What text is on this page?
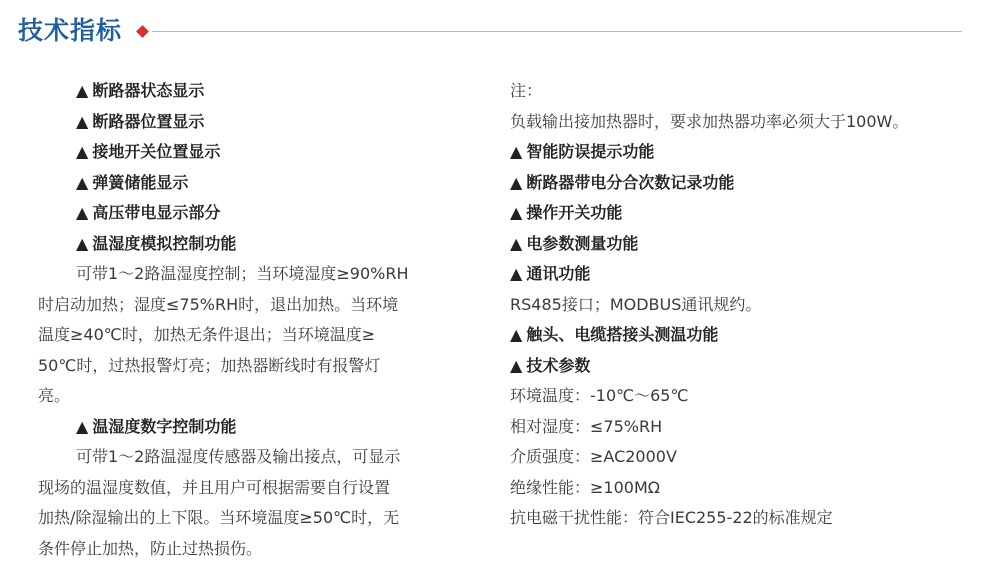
技术指标
▲ 断路器状态显示
▲ 断路器位置显示
▲ 接地开关位置显示
▲ 弹簧储能显示
▲ 高压带电显示部分
▲ 温湿度模拟控制功能
可带1～2路温湿度控制；当环境湿度≥90%RH
时启动加热；湿度≤75%RH时，退出加热。当环境
温度≥40℃时，加热无条件退出；当环境温度≥
50℃时，过热报警灯亮；加热器断线时有报警灯
亮。
▲ 温湿度数字控制功能
可带1～2路温湿度传感器及输出接点，可显示
现场的温湿度数值，并且用户可根据需要自行设置
加热/除湿输出的上下限。当环境温度≥50℃时，无
条件停止加热，防止过热损伤。
注：
负载输出接加热器时，要求加热器功率必须大于100W。
▲ 智能防误提示功能
▲ 断路器带电分合次数记录功能
▲ 操作开关功能
▲ 电参数测量功能
▲ 通讯功能
RS485接口；MODBUS通讯规约。
▲ 触头、电缆搭接头测温功能
▲ 技术参数
环境温度：-10℃～65℃
相对湿度：≤75%RH
介质强度：≥AC2000V
绝缘性能：≥100MΩ
抗电磁干扰性能：符合IEC255-22的标准规定
